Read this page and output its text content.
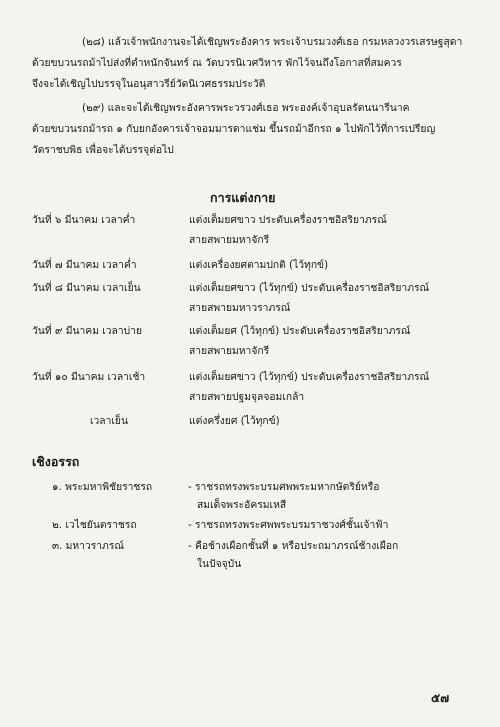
(๒๘) แล้วเจ้าพนักงานจะได้เชิญพระอังคาร พระเจ้าบรมวงศ์เธอ กรมหลวงวรเสรษฐสุดา
ด้วยขบวนรถม้าไปส่งที่ตำหนักจันทร์ ณ วัดบวรนิเวศวิหาร พักไว้จนถึงโอกาสที่สมควร
จึงจะได้เชิญไปบรรจุในอนุสาวรีย์วัดนิเวศธรรมประวัติ

(๒๙) และจะได้เชิญพระอังคารพระวรวงศ์เธอ พระองค์เจ้าอุบลรัตนนารีนาค
ด้วยขบวนรถม้ารถ ๑ กับยกอังคารเจ้าจอมมารดาแช่ม ขึ้นรถม้าอีกรถ ๑ ไปพักไว้ที่การเปรียญ
วัดราชบพิธ เพื่อจะได้บรรจุต่อไป

การแต่งกาย
วันที่ ๖ มีนาคม เวลาค่ำ	แต่งเต็มยศขาว ประดับเครื่องราชอิสริยาภรณ์
สายสพายมหาจักรี
วันที่ ๗ มีนาคม เวลาค่ำ	แต่งเครื่องยศตามปกติ (ไว้ทุกข์)
วันที่ ๘ มีนาคม เวลาเย็น	แต่งเต็มยศขาว (ไว้ทุกข์) ประดับเครื่องราชอิสริยาภรณ์
สายสพายมหาวราภรณ์
วันที่ ๙ มีนาคม เวลาบ่าย	แต่งเต็มยศ (ไว้ทุกข์) ประดับเครื่องราชอิสริยาภรณ์
สายสพายมหาจักรี
วันที่ ๑๐ มีนาคม เวลาเช้า	แต่งเต็มยศขาว (ไว้ทุกข์) ประดับเครื่องราชอิสริยาภรณ์
สายสพายปฐมจุลจอมเกล้า
เวลาเย็น	แต่งครึ่งยศ (ไว้ทุกข์)
เชิงอรรถ
๑. พระมหาพิชัยราชรถ	- ราชรถทรงพระบรมศพพระมหากษัตริย์หรือ
สมเด็จพระอัครมเหสี
๒. เวไชยันตราชรถ	- ราชรถทรงพระศพพระบรมราชวงศ์ชั้นเจ้าฟ้า
๓. มหาวราภรณ์	- คือช้างเผือกชั้นที่ ๑ หรือประถมาภรณ์ช้างเผือก
ในปัจจุบัน
๕๗
